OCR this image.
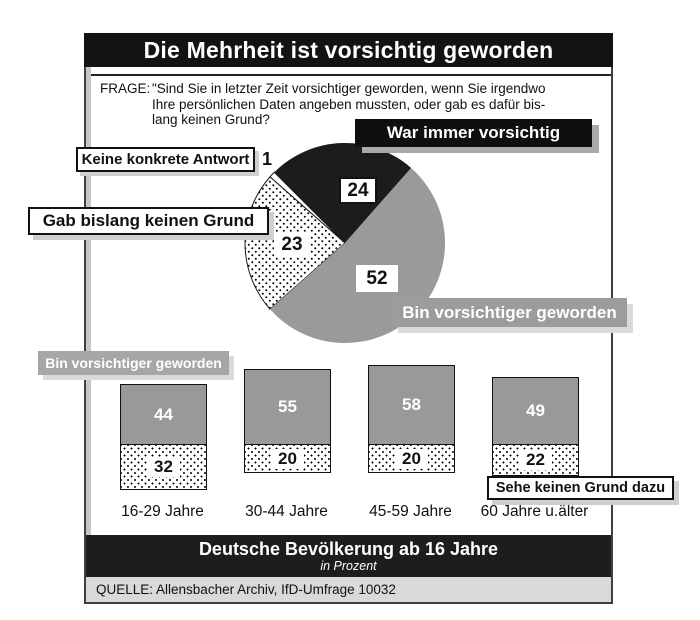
Die Mehrheit ist vorsichtig geworden
FRAGE: "Sind Sie in letzter Zeit vorsichtiger geworden, wenn Sie irgendwo
Ihre persönlichen Daten angeben mussten, oder gab es dafür bis-
lang keinen Grund?
24
52
23
1
War immer vorsichtig
Keine konkrete Antwort
Gab bislang keinen Grund
Bin vorsichtiger geworden
Bin vorsichtiger geworden
Sehe keinen Grund dazu
44
32
16-29 Jahre
55
20
30-44 Jahre
58
20
45-59 Jahre
49
22
60 Jahre u.älter
Deutsche Bevölkerung ab 16 Jahre
in Prozent
QUELLE: Allensbacher Archiv, IfD-Umfrage 10032
